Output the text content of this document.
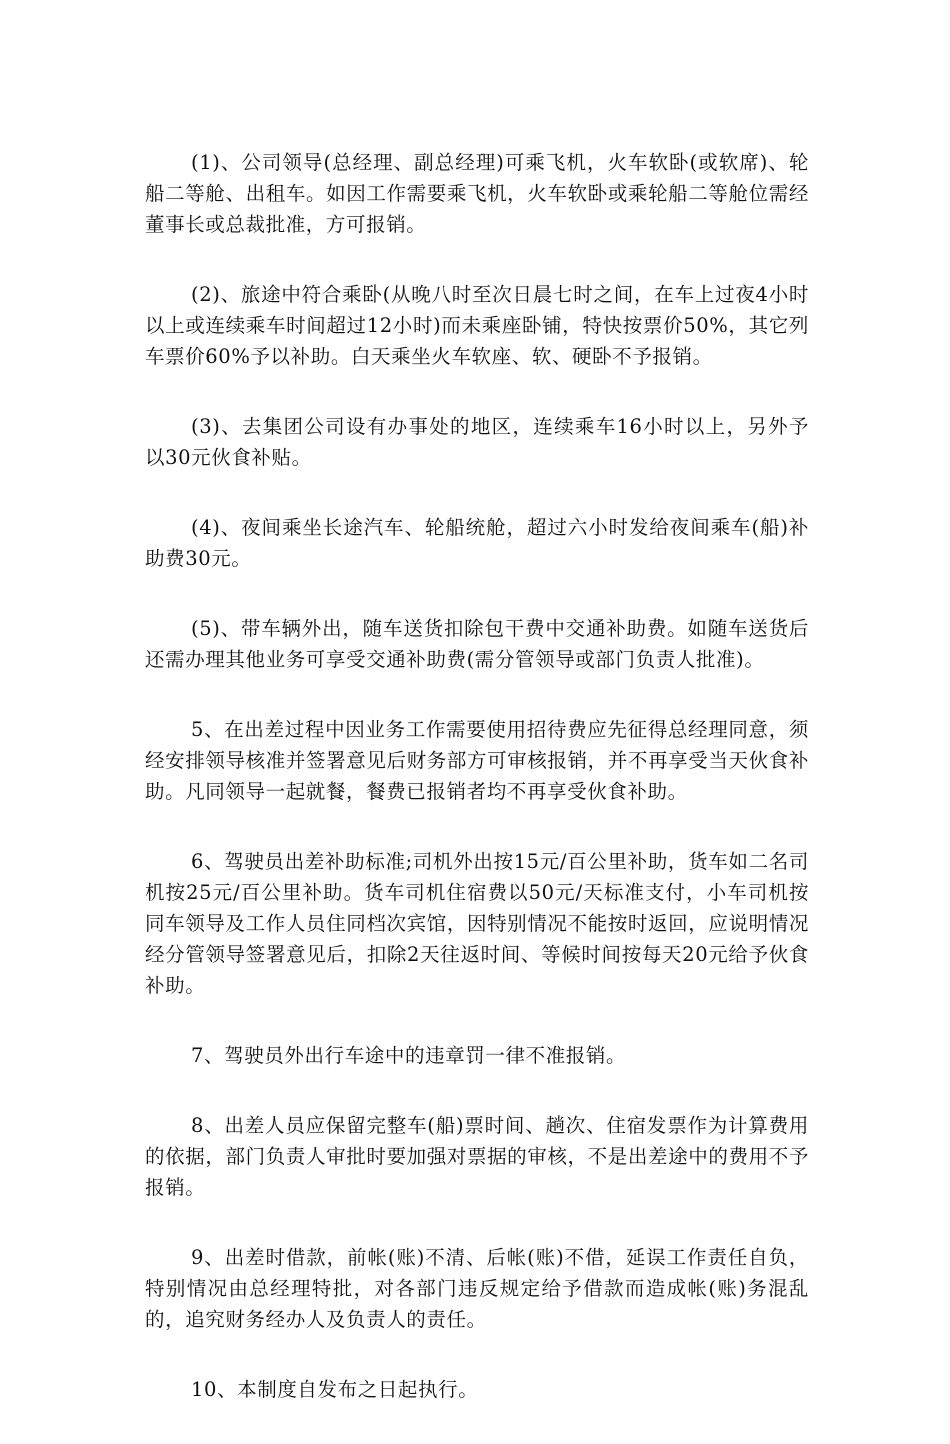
(1)、公司领导(总经理、副总经理)可乘飞机，火车软卧(或软席)、轮船二等舱、出租车。如因工作需要乘飞机，火车软卧或乘轮船二等舱位需经董事长或总裁批准，方可报销。

(2)、旅途中符合乘卧(从晚八时至次日晨七时之间，在车上过夜4小时以上或连续乘车时间超过12小时)而未乘座卧铺，特快按票价50%，其它列车票价60%予以补助。白天乘坐火车软座、软、硬卧不予报销。

(3)、去集团公司设有办事处的地区，连续乘车16小时以上，另外予以30元伙食补贴。

(4)、夜间乘坐长途汽车、轮船统舱，超过六小时发给夜间乘车(船)补助费30元。

(5)、带车辆外出，随车送货扣除包干费中交通补助费。如随车送货后还需办理其他业务可享受交通补助费(需分管领导或部门负责人批准)。

5、在出差过程中因业务工作需要使用招待费应先征得总经理同意，须经安排领导核准并签署意见后财务部方可审核报销，并不再享受当天伙食补助。凡同领导一起就餐，餐费已报销者均不再享受伙食补助。

6、驾驶员出差补助标准;司机外出按15元/百公里补助，货车如二名司机按25元/百公里补助。货车司机住宿费以50元/天标准支付，小车司机按同车领导及工作人员住同档次宾馆，因特别情况不能按时返回，应说明情况经分管领导签署意见后，扣除2天往返时间、等候时间按每天20元给予伙食补助。

7、驾驶员外出行车途中的违章罚一律不准报销。

8、出差人员应保留完整车(船)票时间、趟次、住宿发票作为计算费用的依据，部门负责人审批时要加强对票据的审核，不是出差途中的费用不予报销。

9、出差时借款，前帐(账)不清、后帐(账)不借，延误工作责任自负，特别情况由总经理特批，对各部门违反规定给予借款而造成帐(账)务混乱的，追究财务经办人及负责人的责任。

10、本制度自发布之日起执行。
